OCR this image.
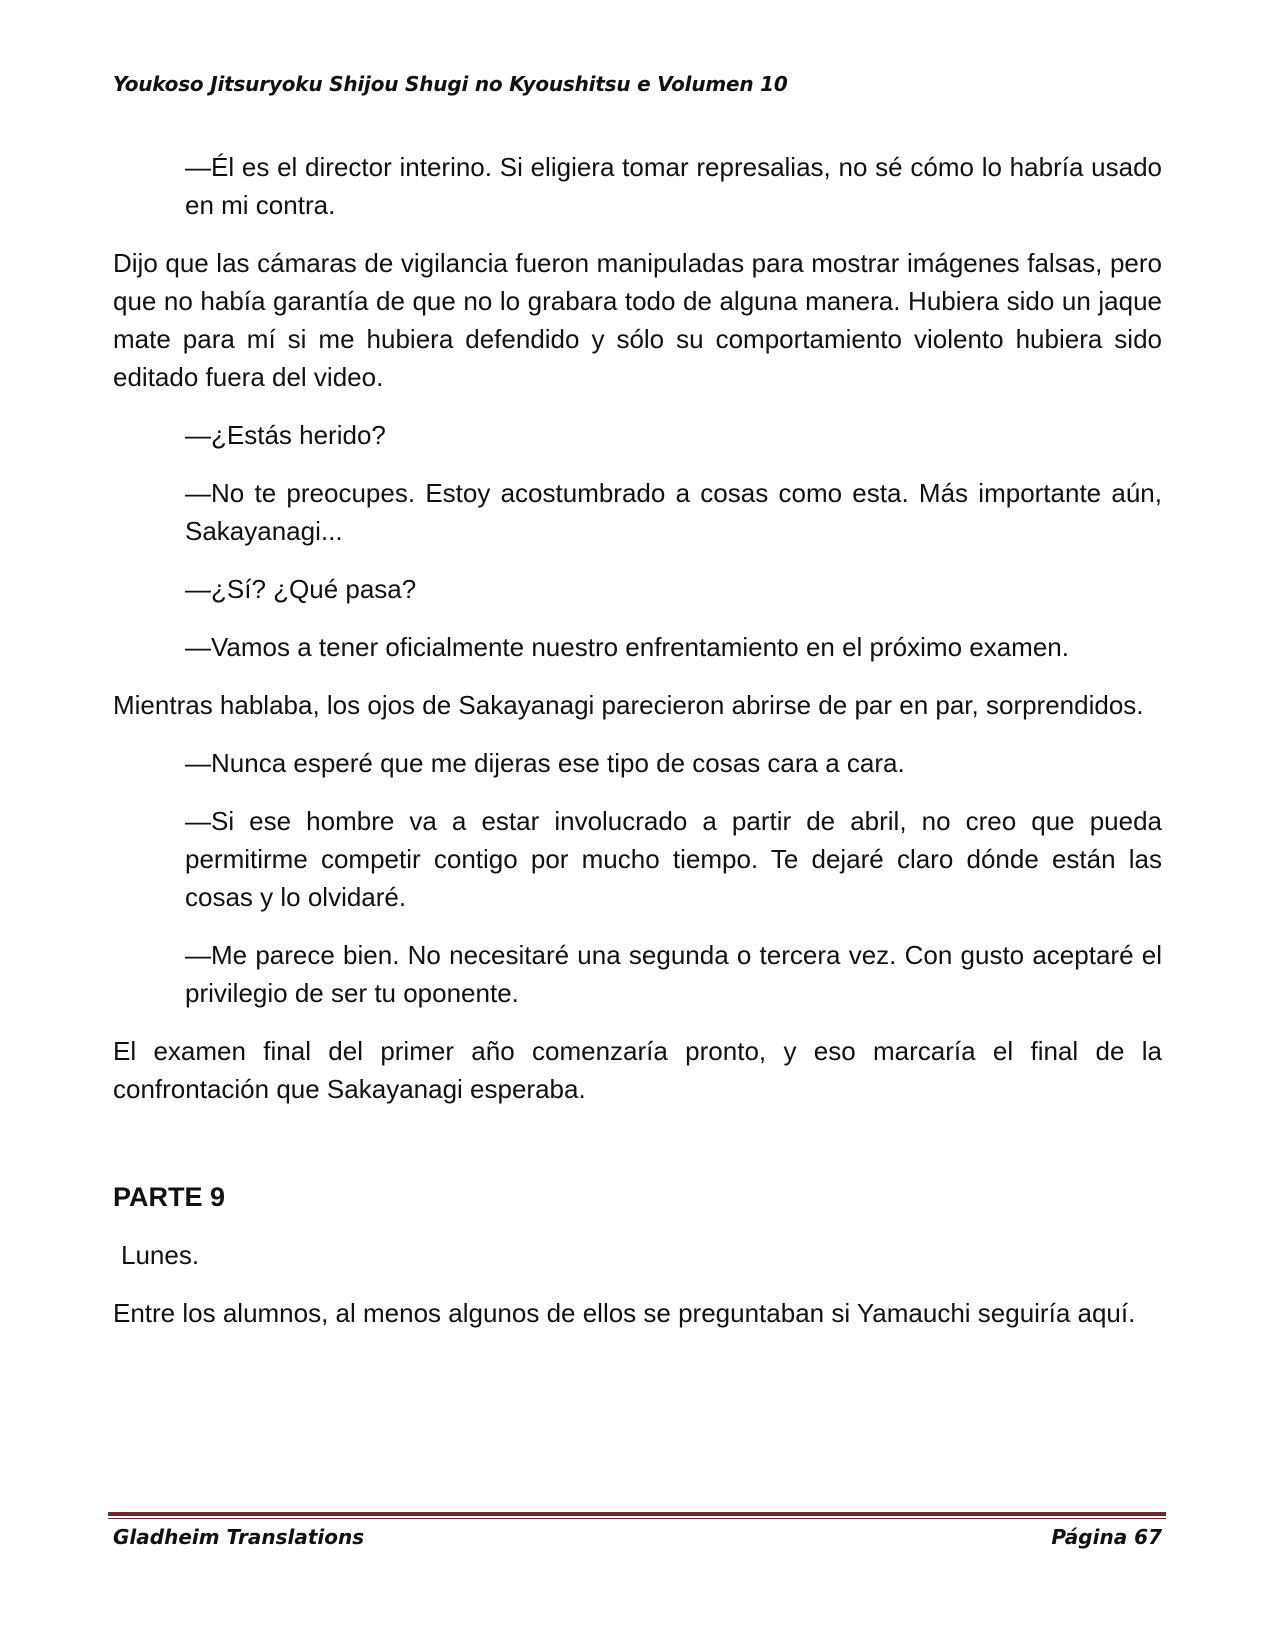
Youkoso Jitsuryoku Shijou Shugi no Kyoushitsu e Volumen 10

—Él es el director interino. Si eligiera tomar represalias, no sé cómo lo habría usado en mi contra.

Dijo que las cámaras de vigilancia fueron manipuladas para mostrar imágenes falsas, pero que no había garantía de que no lo grabara todo de alguna manera. Hubiera sido un jaque mate para mí si me hubiera defendido y sólo su comportamiento violento hubiera sido editado fuera del video.

—¿Estás herido?

—No te preocupes. Estoy acostumbrado a cosas como esta. Más importante aún, Sakayanagi...

—¿Sí? ¿Qué pasa?

—Vamos a tener oficialmente nuestro enfrentamiento en el próximo examen.

Mientras hablaba, los ojos de Sakayanagi parecieron abrirse de par en par, sorprendidos.

—Nunca esperé que me dijeras ese tipo de cosas cara a cara.

—Si ese hombre va a estar involucrado a partir de abril, no creo que pueda permitirme competir contigo por mucho tiempo. Te dejaré claro dónde están las cosas y lo olvidaré.

—Me parece bien. No necesitaré una segunda o tercera vez. Con gusto aceptaré el privilegio de ser tu oponente.

El examen final del primer año comenzaría pronto, y eso marcaría el final de la confrontación que Sakayanagi esperaba.

PARTE 9

Lunes.

Entre los alumnos, al menos algunos de ellos se preguntaban si Yamauchi seguiría aquí.

Gladheim Translations	Página 67
